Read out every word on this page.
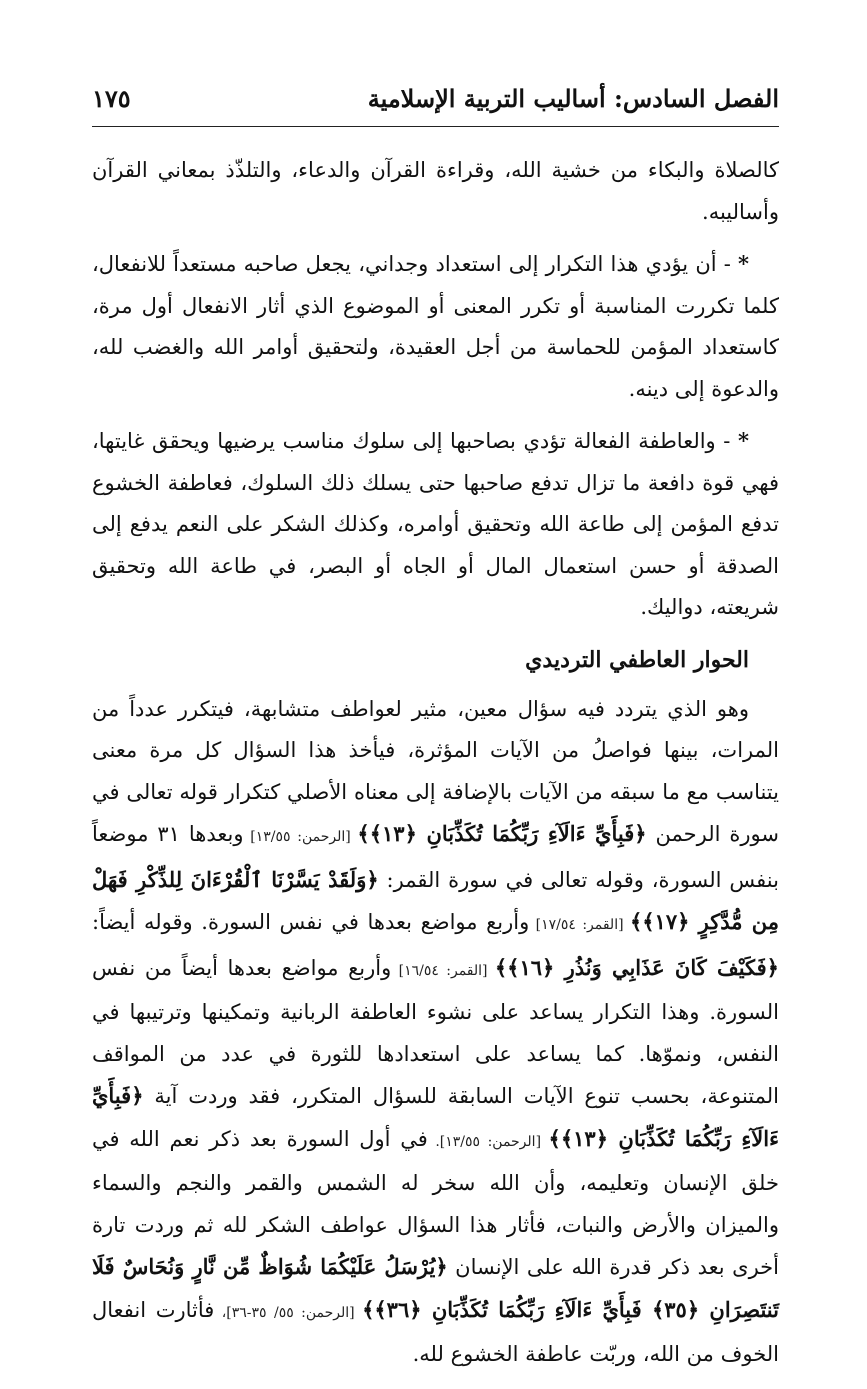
الفصل السادس: أساليب التربية الإسلامية
١٧٥

كالصلاة والبكاء من خشية الله، وقراءة القرآن والدعاء، والتلذّذ بمعاني القرآن وأساليبه.

* - أن يؤدي هذا التكرار إلى استعداد وجداني، يجعل صاحبه مستعداً للانفعال، كلما تكررت المناسبة أو تكرر المعنى أو الموضوع الذي أثار الانفعال أول مرة، كاستعداد المؤمن للحماسة من أجل العقيدة، ولتحقيق أوامر الله والغضب لله، والدعوة إلى دينه.

* - والعاطفة الفعالة تؤدي بصاحبها إلى سلوك مناسب يرضيها ويحقق غايتها، فهي قوة دافعة ما تزال تدفع صاحبها حتى يسلك ذلك السلوك، فعاطفة الخشوع تدفع المؤمن إلى طاعة الله وتحقيق أوامره، وكذلك الشكر على النعم يدفع إلى الصدقة أو حسن استعمال المال أو الجاه أو البصر، في طاعة الله وتحقيق شريعته، دواليك.

الحوار العاطفي الترديدي

وهو الذي يتردد فيه سؤال معين، مثير لعواطف متشابهة، فيتكرر عدداً من المرات، بينها فواصلُ من الآيات المؤثرة، فيأخذ هذا السؤال كل مرة معنى يتناسب مع ما سبقه من الآيات بالإضافة إلى معناه الأصلي كتكرار قوله تعالى في سورة الرحمن ﴿فَبِأَيِّ ءَالَآءِ رَبِّكُمَا تُكَذِّبَانِ ﴿١٣﴾﴾ [الرحمن: ١٣/٥٥] وبعدها ٣١ موضعاً بنفس السورة، وقوله تعالى في سورة القمر: ﴿وَلَقَدْ يَسَّرْنَا ٱلْقُرْءَانَ لِلذِّكْرِ فَهَلْ مِن مُّدَّكِرٍ ﴿١٧﴾﴾ [القمر: ١٧/٥٤] وأربع مواضع بعدها في نفس السورة. وقوله أيضاً: ﴿فَكَيْفَ كَانَ عَذَابِي وَنُذُرِ ﴿١٦﴾﴾ [القمر: ١٦/٥٤] وأربع مواضع بعدها أيضاً من نفس السورة. وهذا التكرار يساعد على نشوء العاطفة الربانية وتمكينها وترتيبها في النفس، ونموّها. كما يساعد على استعدادها للثورة في عدد من المواقف المتنوعة، بحسب تنوع الآيات السابقة للسؤال المتكرر، فقد وردت آية ﴿فَبِأَيِّ ءَالَآءِ رَبِّكُمَا تُكَذِّبَانِ ﴿١٣﴾﴾ [الرحمن: ١٣/٥٥]. في أول السورة بعد ذكر نعم الله في خلق الإنسان وتعليمه، وأن الله سخر له الشمس والقمر والنجم والسماء والميزان والأرض والنبات، فأثار هذا السؤال عواطف الشكر لله ثم وردت تارة أخرى بعد ذكر قدرة الله على الإنسان ﴿يُرْسَلُ عَلَيْكُمَا شُوَاظٌ مِّن نَّارٍ وَنُحَاسٌ فَلَا تَنتَصِرَانِ ﴿٣٥﴾ فَبِأَيِّ ءَالَآءِ رَبِّكُمَا تُكَذِّبَانِ ﴿٣٦﴾﴾ [الرحمن: ٥٥/ ٣٥-٣٦]، فأثارت انفعال الخوف من الله، وربّت عاطفة الخشوع لله.
